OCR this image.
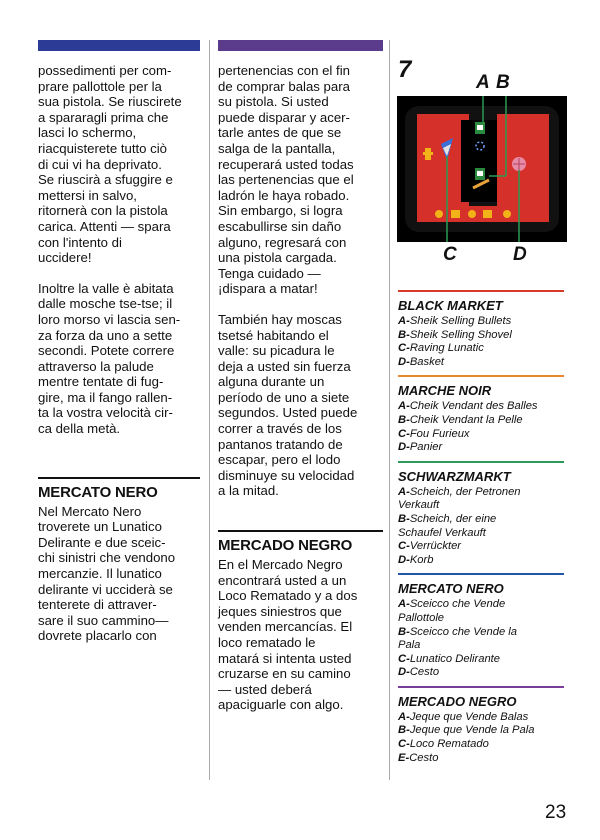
possedimenti per com-
prare pallottole per la
sua pistola. Se riuscirete
a spararagli prima che
lasci lo schermo,
riacquisterete tutto ciò
di cui vi ha deprivato.
Se riuscirà a sfuggire e
mettersi in salvo,
ritornerà con la pistola
carica. Attenti — spara
con l'intento di
uccidere!

Inoltre la valle è abitata
dalle mosche tse-tse; il
loro morso vi lascia sen-
za forza da uno a sette
secondi. Potete correre
attraverso la palude
mentre tentate di fug-
gire, ma il fango rallen-
ta la vostra velocità cir-
ca della metà.

MERCATO NERO

Nel Mercato Nero
troverete un Lunatico
Delirante e due sceic-
chi sinistri che vendono
mercanzie. Il lunatico
delirante vi ucciderà se
tenterete di attraver-
sare il suo cammino—
dovrete placarlo con

pertenencias con el fin
de comprar balas para
su pistola. Si usted
puede disparar y acer-
tarle antes de que se
salga de la pantalla,
recuperará usted todas
las pertenencias que el
ladrón le haya robado.
Sin embargo, si logra
escabullirse sin daño
alguno, regresará con
una pistola cargada.
Tenga cuidado —
¡dispara a matar!

También hay moscas
tsetsé habitando el
valle: su picadura le
deja a usted sin fuerza
alguna durante un
período de uno a siete
segundos. Usted puede
correr a través de los
pantanos tratando de
escapar, pero el lodo
disminuye su velocidad
a la mitad.

MERCADO NEGRO

En el Mercado Negro
encontrará usted a un
Loco Rematado y a dos
jeques siniestros que
venden mercancías. El
loco rematado le
matará si intenta usted
cruzarse en su camino
— usted deberá
apaciguarle con algo.

7	A B
C	D
BLACK MARKET
A-Sheik Selling Bullets
B-Sheik Selling Shovel
C-Raving Lunatic
D-Basket
MARCHE NOIR
A-Cheik Vendant des Balles
B-Cheik Vendant la Pelle
C-Fou Furieux
D-Panier
SCHWARZMARKT
A-Scheich, der Petronen
Verkauft
B-Scheich, der eine
Schaufel Verkauft
C-Verrückter
D-Korb
MERCATO NERO
A-Sceicco che Vende
Pallottole
B-Sceicco che Vende la
Pala
C-Lunatico Delirante
D-Cesto
MERCADO NEGRO
A-Jeque que Vende Balas
B-Jeque que Vende la Pala
C-Loco Rematado
E-Cesto
23
